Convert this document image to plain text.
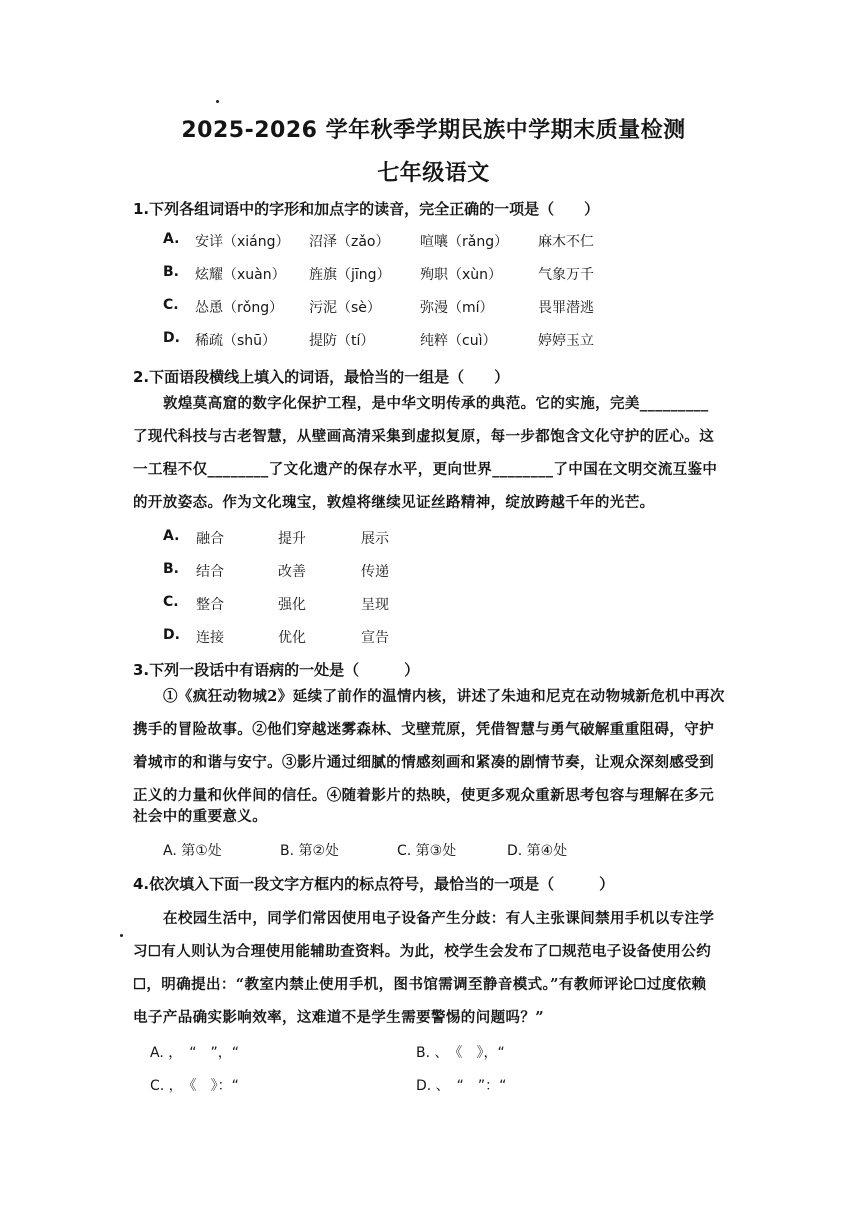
2025-2026 学年秋季学期民族中学期末质量检测
七年级语文
1.下列各组词语中的字形和加点字的读音，完全正确的一项是（　　）
A. 安详（xiáng） 沼泽（zǎo） 喧嚷（rǎng） 麻木不仁
B. 炫耀（xuàn） 旌旗（jīng） 殉职（xùn）	气象万千
C. 怂恿（rǒng） 污泥（sè）	弥漫（mí）	畏罪潜逃
D. 稀疏（shū） 提防（tí）	纯粹（cuì）	婷婷玉立
2.下面语段横线上填入的词语，最恰当的一组是（　　）
敦煌莫高窟的数字化保护工程，是中华文明传承的典范。它的实施，完美_________
了现代科技与古老智慧，从壁画高清采集到虚拟复原，每一步都饱含文化守护的匠心。这
一工程不仅________了文化遗产的保存水平，更向世界________了中国在文明交流互鉴中
的开放姿态。作为文化瑰宝，敦煌将继续见证丝路精神，绽放跨越千年的光芒。
A. 融合	提升	展示
B. 结合	改善	传递
C. 整合	强化	呈现
D. 连接	优化	宣告
3.下列一段话中有语病的一处是（　　　）
①《疯狂动物城2》延续了前作的温情内核，讲述了朱迪和尼克在动物城新危机中再次
携手的冒险故事。②他们穿越迷雾森林、戈壁荒原，凭借智慧与勇气破解重重阻碍，守护
着城市的和谐与安宁。③影片通过细腻的情感刻画和紧凑的剧情节奏，让观众深刻感受到
正义的力量和伙伴间的信任。④随着影片的热映，使更多观众重新思考包容与理解在多元
社会中的重要意义。
A. 第①处	B. 第②处	C. 第③处	D. 第④处
4.依次填入下面一段文字方框内的标点符号，最恰当的一项是（　　　）
在校园生活中，同学们常因使用电子设备产生分歧：有人主张课间禁用手机以专注学
习☐有人则认为合理使用能辅助查资料。为此，校学生会发布了☐规范电子设备使用公约
☐，明确提出：“教室内禁止使用手机，图书馆需调至静音模式。”有教师评论☐过度依赖
电子产品确实影响效率，这难道不是学生需要警惕的问题吗？”
A. ，　“　”，“	B. 、　《　》，“
C. ，　《　》：“	D. 、　“　”：“
